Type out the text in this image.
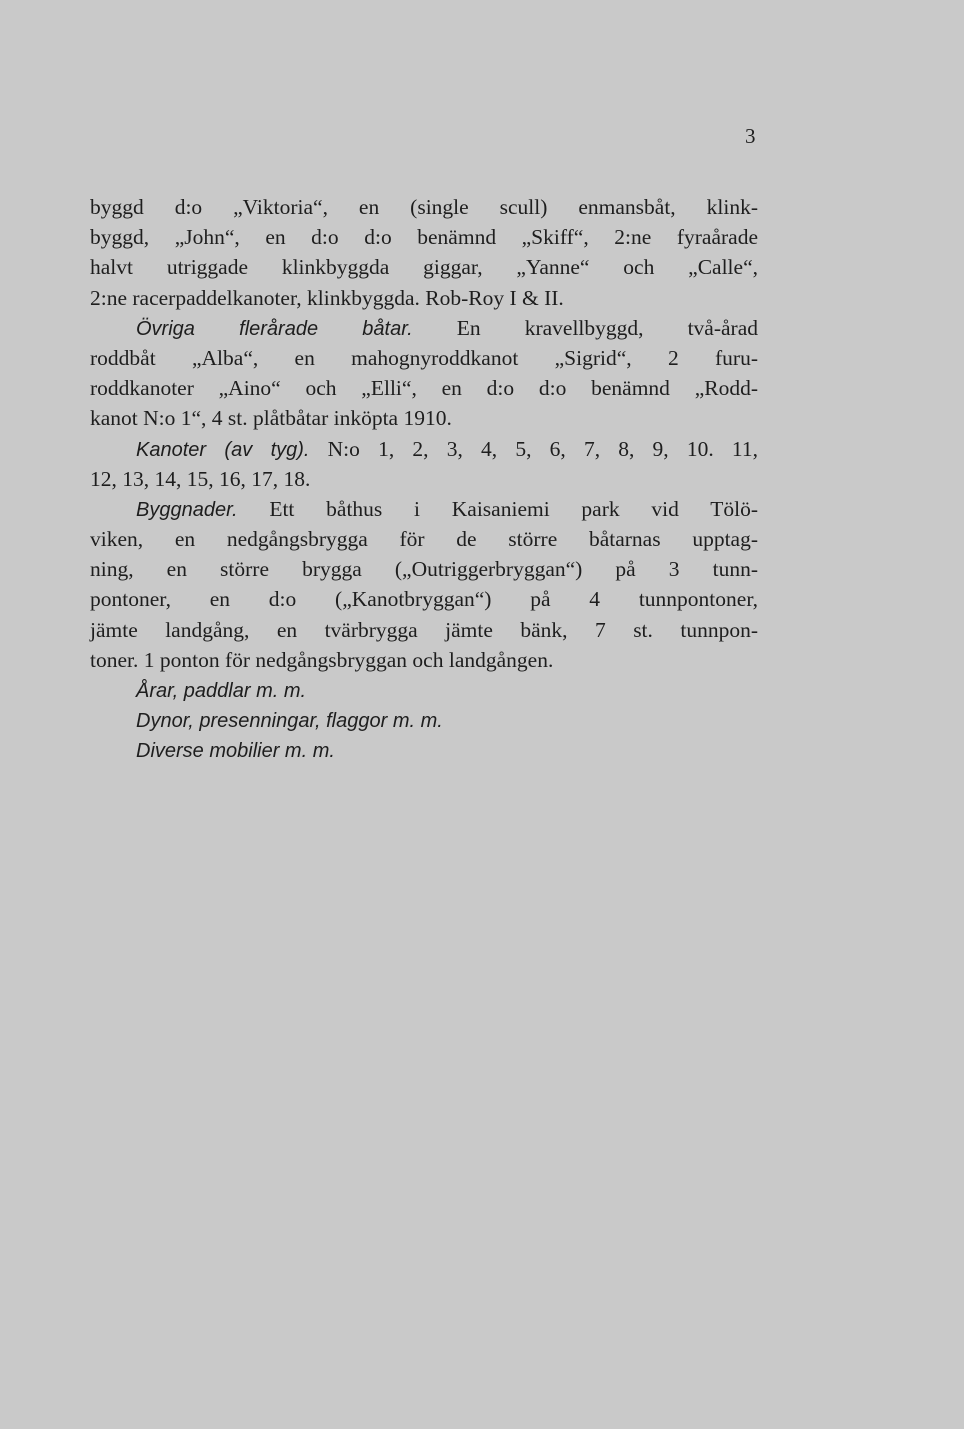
3
byggd d:o „Viktoria“, en (single scull) enmansbåt, klink-
byggd, „John“, en d:o d:o benämnd „Skiff“, 2:ne fyraårade
halvt utriggade klinkbyggda giggar, „Yanne“ och „Calle“,
2:ne racerpaddelkanoter, klinkbyggda. Rob-Roy I & II.
Övriga flerårade båtar. En kravellbyggd, två-årad
roddbåt „Alba“, en mahognyroddkanot „Sigrid“, 2 furu-
roddkanoter „Aino“ och „Elli“, en d:o d:o benämnd „Rodd-
kanot N:o 1“, 4 st. plåtbåtar inköpta 1910.
Kanoter (av tyg). N:o 1, 2, 3, 4, 5, 6, 7, 8, 9, 10. 11,
12, 13, 14, 15, 16, 17, 18.
Byggnader. Ett båthus i Kaisaniemi park vid Tölö-
viken, en nedgångsbrygga för de större båtarnas upptag-
ning, en större brygga („Outriggerbryggan“) på 3 tunn-
pontoner, en d:o („Kanotbryggan“) på 4 tunnpontoner,
jämte landgång, en tvärbrygga jämte bänk, 7 st. tunnpon-
toner. 1 ponton för nedgångsbryggan och landgången.
Årar, paddlar m. m.
Dynor, presenningar, flaggor m. m.
Diverse mobilier m. m.
